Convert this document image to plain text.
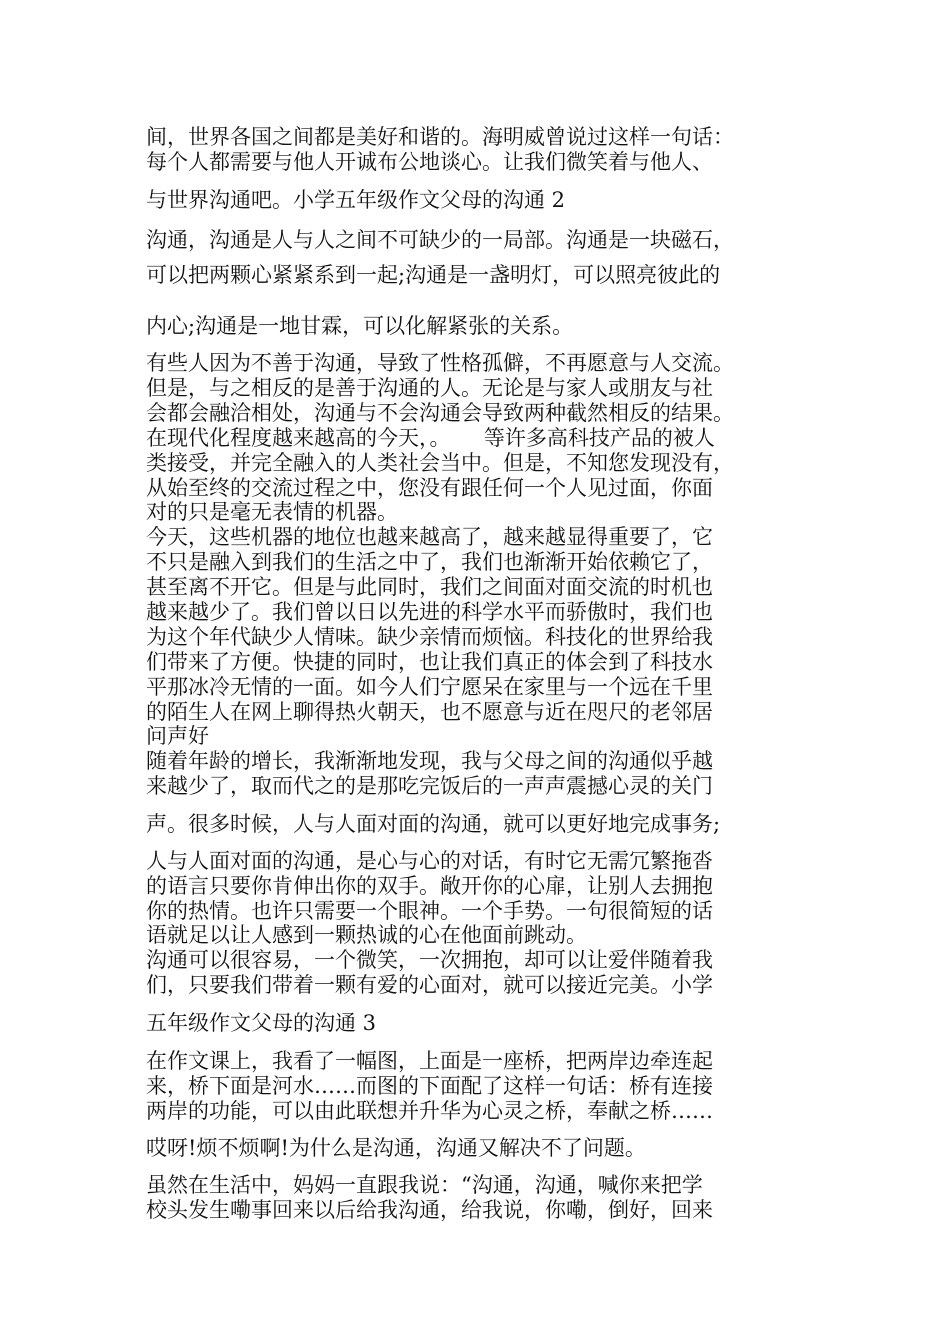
间，世界各国之间都是美好和谐的。海明威曾说过这样一句话：
每个人都需要与他人开诚布公地谈心。让我们微笑着与他人、
与世界沟通吧。小学五年级作文父母的沟通 2
沟通，沟通是人与人之间不可缺少的一局部。沟通是一块磁石，
可以把两颗心紧紧系到一起;沟通是一盏明灯，可以照亮彼此的
内心;沟通是一地甘霖，可以化解紧张的关系。
有些人因为不善于沟通，导致了性格孤僻，不再愿意与人交流。
但是，与之相反的是善于沟通的人。无论是与家人或朋友与社
会都会融洽相处，沟通与不会沟通会导致两种截然相反的结果。
在现代化程度越来越高的今天，。     等许多高科技产品的被人
类接受，并完全融入的人类社会当中。但是，不知您发现没有，
从始至终的交流过程之中，您没有跟任何一个人见过面，你面
对的只是毫无表情的机器。
今天，这些机器的地位也越来越高了，越来越显得重要了，它
不只是融入到我们的生活之中了，我们也渐渐开始依赖它了，
甚至离不开它。但是与此同时，我们之间面对面交流的时机也
越来越少了。我们曾以日以先进的科学水平而骄傲时，我们也
为这个年代缺少人情味。缺少亲情而烦恼。科技化的世界给我
们带来了方便。快捷的同时，也让我们真正的体会到了科技水
平那冰冷无情的一面。如今人们宁愿呆在家里与一个远在千里
的陌生人在网上聊得热火朝天，也不愿意与近在咫尺的老邻居
问声好
随着年龄的增长，我渐渐地发现，我与父母之间的沟通似乎越
来越少了，取而代之的是那吃完饭后的一声声震撼心灵的关门
声。很多时候，人与人面对面的沟通，就可以更好地完成事务;
人与人面对面的沟通，是心与心的对话，有时它无需冗繁拖沓
的语言只要你肯伸出你的双手。敞开你的心扉，让别人去拥抱
你的热情。也许只需要一个眼神。一个手势。一句很简短的话
语就足以让人感到一颗热诚的心在他面前跳动。
沟通可以很容易，一个微笑，一次拥抱，却可以让爱伴随着我
们，只要我们带着一颗有爱的心面对，就可以接近完美。小学
五年级作文父母的沟通 3
在作文课上，我看了一幅图，上面是一座桥，把两岸边牵连起
来，桥下面是河水……而图的下面配了这样一句话：桥有连接
两岸的功能，可以由此联想并升华为心灵之桥，奉献之桥……
哎呀!烦不烦啊!为什么是沟通，沟通又解决不了问题。
虽然在生活中，妈妈一直跟我说：“沟通，沟通，喊你来把学
校头发生嘞事回来以后给我沟通，给我说，你嘞，倒好，回来
